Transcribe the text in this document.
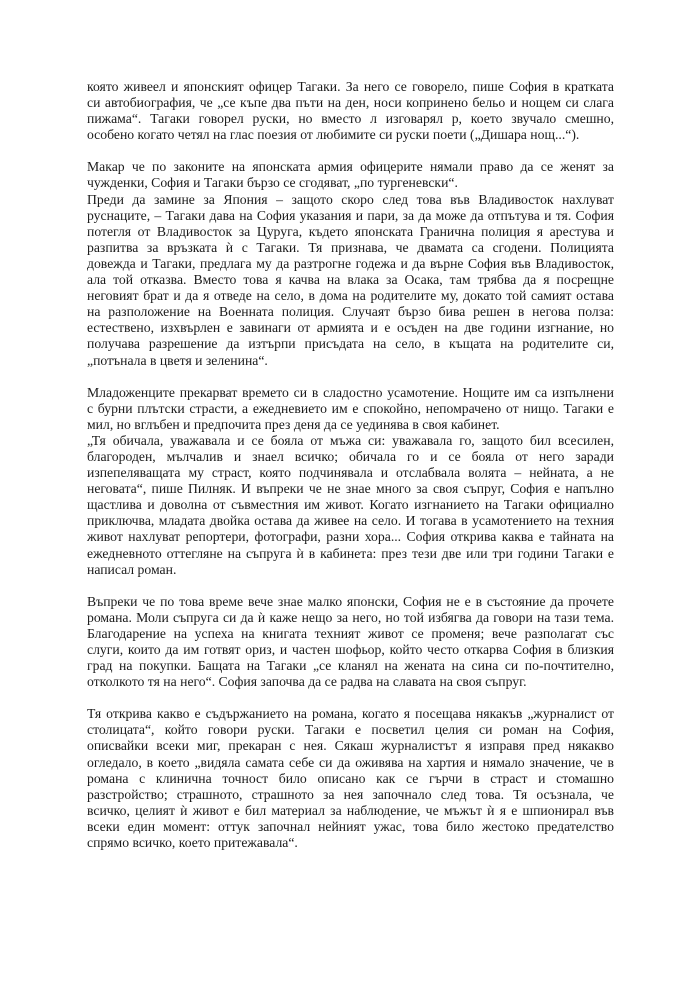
която живеел и японският офицер Тагаки. За него се говорело, пише София в кратката
си автобиография, че „се къпе два пъти на ден, носи копринено бельо и нощем си слага
пижама“. Тагаки говорел руски, но вместо л изговарял р, което звучало смешно,
особено когато четял на глас поезия от любимите си руски поети („Дишара нощ...“).
Макар че по законите на японската армия офицерите нямали право да се женят за
чужденки, София и Тагаки бързо се сгодяват, „по тургеневски“.
Преди да замине за Япония – защото скоро след това във Владивосток нахлуват
руснаците, – Тагаки дава на София указания и пари, за да може да отпътува и тя. София
потегля от Владивосток за Цуруга, където японската Гранична полиция я арестува и
разпитва за връзката ѝ с Тагаки. Тя признава, че двамата са сгодени. Полицията
довежда и Тагаки, предлага му да разтрогне годежа и да върне София във Владивосток,
ала той отказва. Вместо това я качва на влака за Осака, там трябва да я посрещне
неговият брат и да я отведе на село, в дома на родителите му, докато той самият остава
на разположение на Военната полиция. Случаят бързо бива решен в негова полза:
естествено, изхвърлен е завинаги от армията и е осъден на две години изгнание, но
получава разрешение да изтърпи присъдата на село, в къщата на родителите си,
„потънала в цветя и зеленина“.
Младоженците прекарват времето си в сладостно усамотение. Нощите им са изпълнени
с бурни плътски страсти, а ежедневието им е спокойно, непомрачено от нищо. Тагаки е
мил, но вглъбен и предпочита през деня да се уединява в своя кабинет.
„Тя обичала, уважавала и се бояла от мъжа си: уважавала го, защото бил всесилен,
благороден, мълчалив и знаел всичко; обичала го и се бояла от него заради
изпепеляващата му страст, която подчинявала и отслабвала волята – нейната, а не
неговата“, пише Пилняк. И въпреки че не знае много за своя съпруг, София е напълно
щастлива и доволна от съвместния им живот. Когато изгнанието на Тагаки официално
приключва, младата двойка остава да живее на село. И тогава в усамотението на техния
живот нахлуват репортери, фотографи, разни хора... София открива каква е тайната на
ежедневното оттегляне на съпруга ѝ в кабинета: през тези две или три години Тагаки е
написал роман.
Въпреки че по това време вече знае малко японски, София не е в състояние да прочете
романа. Моли съпруга си да ѝ каже нещо за него, но той избягва да говори на тази тема.
Благодарение на успеха на книгата техният живот се променя; вече разполагат със
слуги, които да им готвят ориз, и частен шофьор, който често откарва София в близкия
град на покупки. Бащата на Тагаки „се кланял на жената на сина си по-почтително,
отколкото тя на него“. София започва да се радва на славата на своя съпруг.
Тя открива какво е съдържанието на романа, когато я посещава някакъв „журналист от
столицата“, който говори руски. Тагаки е посветил целия си роман на София,
описвайки всеки миг, прекаран с нея. Сякаш журналистът я изправя пред някакво
огледало, в което „видяла самата себе си да оживява на хартия и нямало значение, че в
романа с клинична точност било описано как се гърчи в страст и стомашно
разстройство; страшното, страшното за нея започнало след това. Тя осъзнала, че
всичко, целият ѝ живот е бил материал за наблюдение, че мъжът ѝ я е шпионирал във
всеки един момент: оттук започнал нейният ужас, това било жестоко предателство
спрямо всичко, което притежавала“.
